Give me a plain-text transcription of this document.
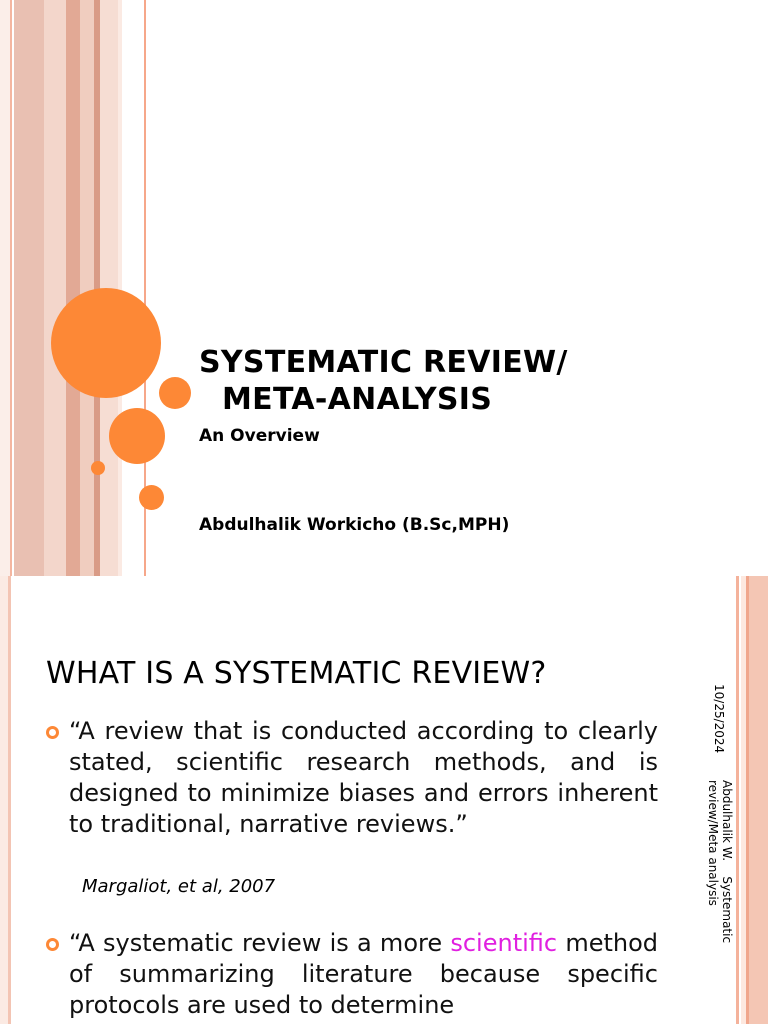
SYSTEMATIC REVIEW/
META-ANALYSIS
An Overview
Abdulhalik Workicho (B.Sc,MPH)
WHAT IS A SYSTEMATIC REVIEW?
“A review that is conducted according to clearly stated, scientific research methods, and is designed to minimize biases and errors inherent to traditional, narrative reviews.”
Margaliot, et al, 2007
“A systematic review is a more scientific method of summarizing literature because specific protocols are used to determine
10/25/2024
Abdulhalik W.    Systematic
review/Meta analysis
